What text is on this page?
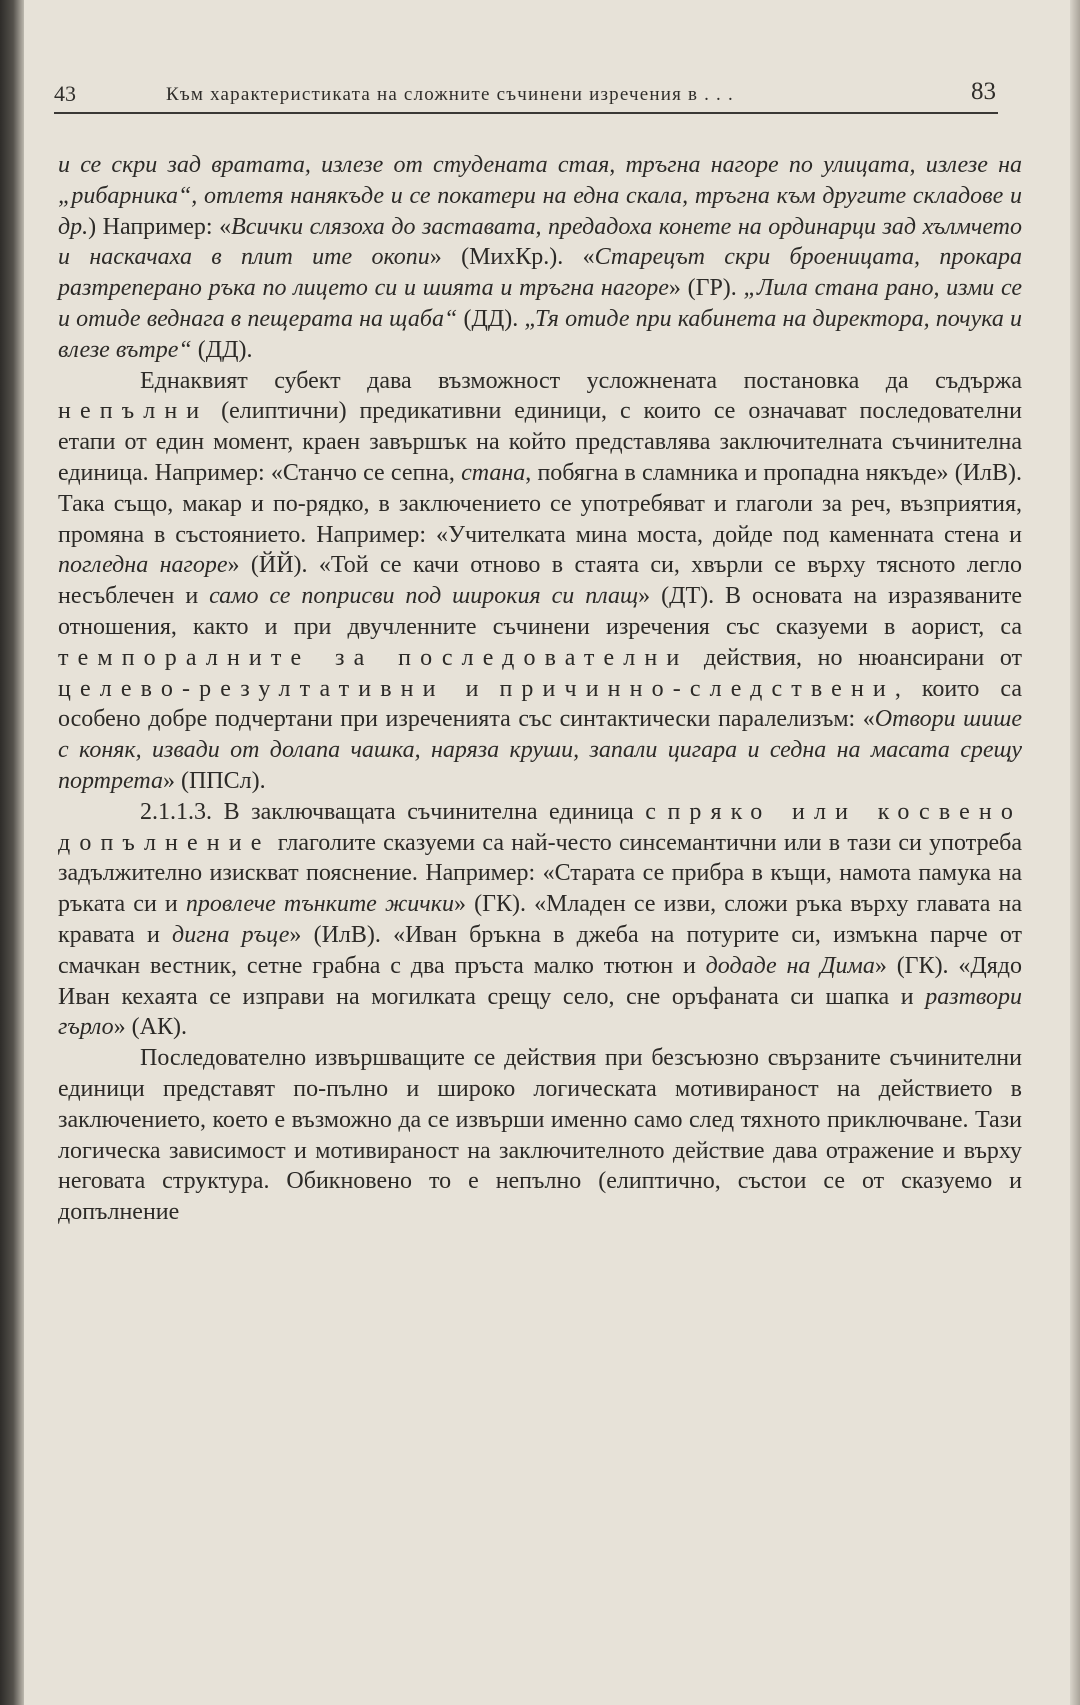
43	Към характеристиката на сложните съчинени изречения в . . .	83

и се скри зад вратата, излезе от студената стая, тръгна нагоре по улицата, излезе на „рибарника“, отлетя нанякъде и се покатери на една скала, тръгна към другите складове и др.) Например: «Всички слязоха до заставата, предадоха конете на ординарци зад хълмчето и наскачаха в плит ите окопи» (МихКр.). «Старецът скри броеницата, прокара разтреперано ръка по лицето си и шията и тръгна нагоре» (ГР). „Лила стана рано, изми се и отиде веднага в пещерата на щаба“ (ДД). „Тя отиде при кабинета на директора, почука и влезе вътре“ (ДД).

Еднаквият субект дава възможност усложнената постановка да съдържа непълни (елиптични) предикативни единици, с които се означават последователни етапи от един момент, краен завършък на който представлява заключителната съчинителна единица. Например: «Станчо се сепна, стана, побягна в сламника и пропадна някъде» (ИлВ). Така също, макар и по-рядко, в заключението се употребяват и глаголи за реч, възприятия, промяна в състоянието. Например: «Учителката мина моста, дойде под каменната стена и погледна нагоре» (ЙЙ). «Той се качи отново в стаята си, хвърли се върху тясното легло несъблечен и само се поприсви под широкия си плащ» (ДТ). В основата на изразяваните отношения, както и при двучленните съчинени изречения със сказуеми в аорист, са темпоралните за последователни действия, но нюансирани от целево-резултативни и причинно-следствени, които са особено добре подчертани при изреченията със синтактически паралелизъм: «Отвори шише с коняк, извади от долапа чашка, наряза круши, запали цигара и седна на масата срещу портрета» (ППСл).

2.1.1.3. В заключващата съчинителна единица с пряко или косвено допълнение глаголите сказуеми са най-често синсемантични или в тази си употреба задължително изискват пояснение. Например: «Старата се прибра в къщи, намота памука на ръката си и провлече тънките жички» (ГК). «Младен се изви, сложи ръка върху главата на кравата и дигна ръце» (ИлВ). «Иван бръкна в джеба на потурите си, измъкна парче от смачкан вестник, сетне грабна с два пръста малко тютюн и додаде на Дима» (ГК). «Дядо Иван кехаята се изправи на могилката срещу село, сне оръфаната си шапка и разтвори гърло» (АК).

Последователно извършващите се действия при безсъюзно свързаните съчинителни единици представят по-пълно и широко логическата мотивираност на действието в заключението, което е възможно да се извърши именно само след тяхното приключване. Тази логическа зависимост и мотивираност на заключителното действие дава отражение и върху неговата структура. Обикновено то е непълно (елиптично, състои се от сказуемо и допълнение
